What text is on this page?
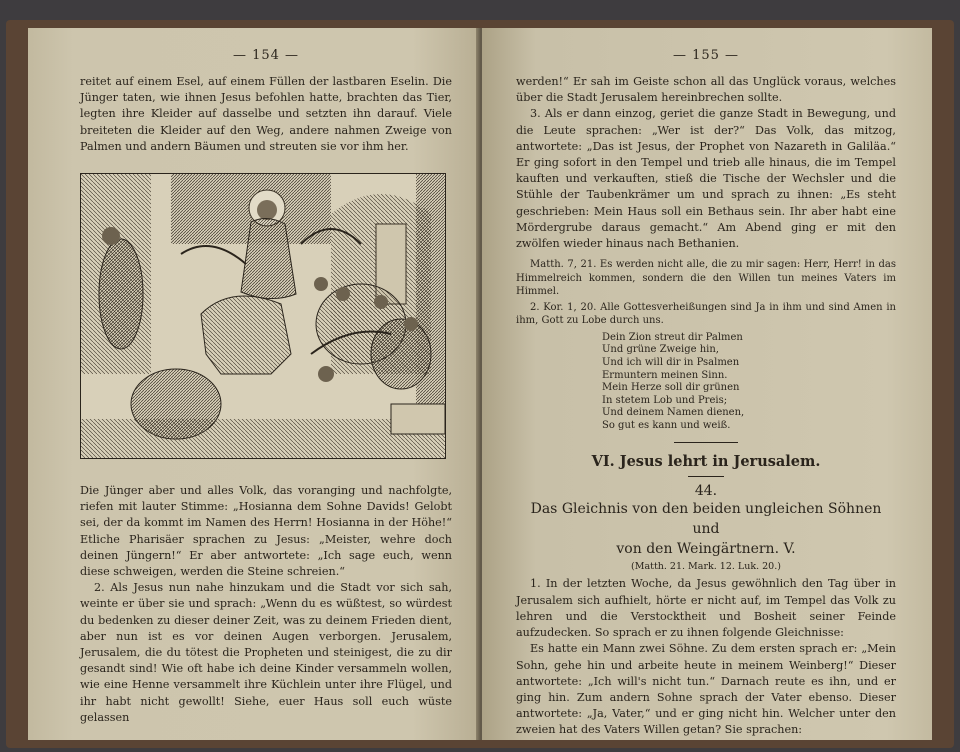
— 154 —

reitet auf einem Esel, auf einem Füllen der lastbaren Eselin. Die Jünger taten, wie ihnen Jesus befohlen hatte, brachten das Tier, legten ihre Kleider auf dasselbe und setzten ihn darauf. Viele breiteten die Kleider auf den Weg, andere nahmen Zweige von Palmen und andern Bäumen und streuten sie vor ihm her.

Die Jünger aber und alles Volk, das voranging und nachfolgte, riefen mit lauter Stimme: „Hosianna dem Sohne Davids! Gelobt sei, der da kommt im Namen des Herrn! Hosianna in der Höhe!“ Etliche Pharisäer sprachen zu Jesus: „Meister, wehre doch deinen Jüngern!“ Er aber antwortete: „Ich sage euch, wenn diese schweigen, werden die Steine schreien.“

2. Als Jesus nun nahe hinzukam und die Stadt vor sich sah, weinte er über sie und sprach: „Wenn du es wüßtest, so würdest du bedenken zu dieser deiner Zeit, was zu deinem Frieden dient, aber nun ist es vor deinen Augen verborgen. Jerusalem, Jerusalem, die du tötest die Propheten und steinigest, die zu dir gesandt sind! Wie oft habe ich deine Kinder versammeln wollen, wie eine Henne versammelt ihre Küchlein unter ihre Flügel, und ihr habt nicht gewollt! Siehe, euer Haus soll euch wüste gelassen

— 155 —

werden!“ Er sah im Geiste schon all das Unglück voraus, welches über die Stadt Jerusalem hereinbrechen sollte.

3. Als er dann einzog, geriet die ganze Stadt in Bewegung, und die Leute sprachen: „Wer ist der?“ Das Volk, das mitzog, antwortete: „Das ist Jesus, der Prophet von Nazareth in Galiläa.“ Er ging sofort in den Tempel und trieb alle hinaus, die im Tempel kauften und verkauften, stieß die Tische der Wechsler und die Stühle der Taubenkrämer um und sprach zu ihnen: „Es steht geschrieben: Mein Haus soll ein Bethaus sein. Ihr aber habt eine Mördergrube daraus gemacht.“ Am Abend ging er mit den zwölfen wieder hinaus nach Bethanien.

Matth. 7, 21. Es werden nicht alle, die zu mir sagen: Herr, Herr! in das Himmelreich kommen, sondern die den Willen tun meines Vaters im Himmel.

2. Kor. 1, 20. Alle Gottesverheißungen sind Ja in ihm und sind Amen in ihm, Gott zu Lobe durch uns.

Dein Zion streut dir Palmen
Und grüne Zweige hin,
Und ich will dir in Psalmen
Ermuntern meinen Sinn.
Mein Herze soll dir grünen
In stetem Lob und Preis;
Und deinem Namen dienen,
So gut es kann und weiß.
VI. Jesus lehrt in Jerusalem.
44.
Das Gleichnis von den beiden ungleichen Söhnen und
von den Weingärtnern. V.
(Matth. 21. Mark. 12. Luk. 20.)

1. In der letzten Woche, da Jesus gewöhnlich den Tag über in Jerusalem sich aufhielt, hörte er nicht auf, im Tempel das Volk zu lehren und die Verstocktheit und Bosheit seiner Feinde aufzudecken. So sprach er zu ihnen folgende Gleichnisse:

Es hatte ein Mann zwei Söhne. Zu dem ersten sprach er: „Mein Sohn, gehe hin und arbeite heute in meinem Weinberg!“ Dieser antwortete: „Ich will's nicht tun.“ Darnach reute es ihn, und er ging hin. Zum andern Sohne sprach der Vater ebenso. Dieser antwortete: „Ja, Vater,“ und er ging nicht hin. Welcher unter den zweien hat des Vaters Willen getan? Sie sprachen:
